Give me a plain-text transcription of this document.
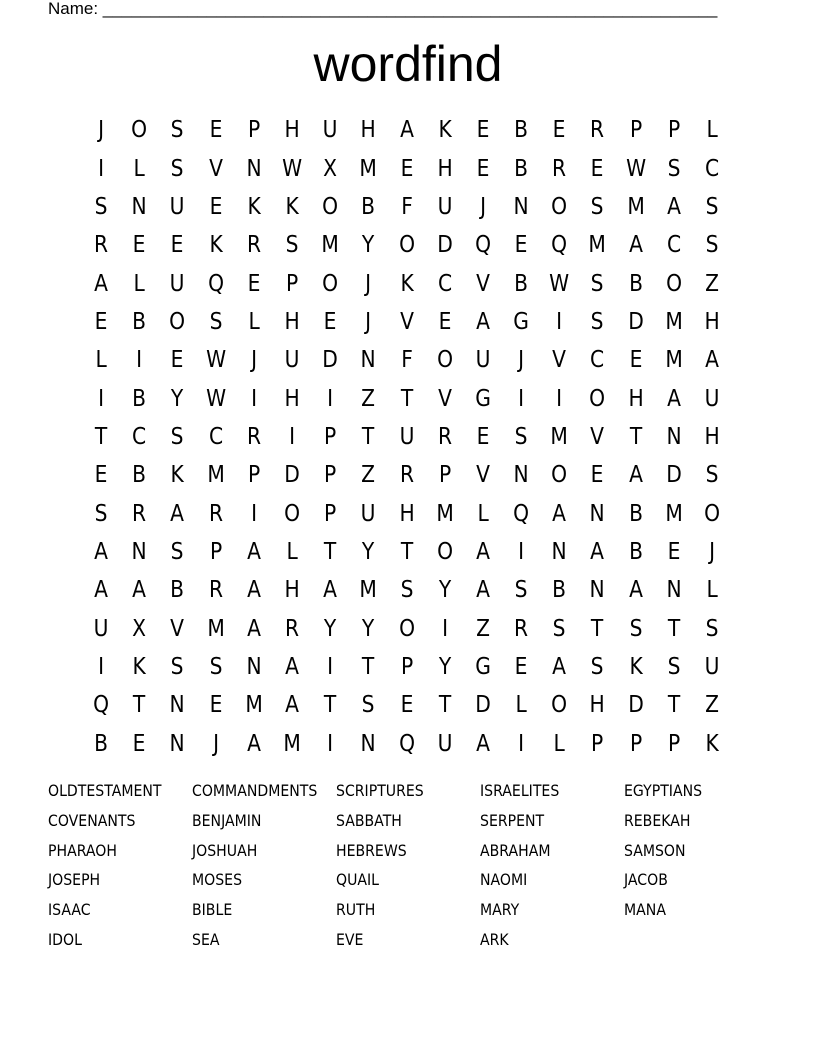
Name: _________________________________________________________________
wordfind
J	O	S	E	P	H	U	H	A	K	E	B	E	R	P	P	L
I	L	S	V	N W X M	E	H	E	B	R	E W S	C
S	N	U	E	K	K	O	B	F	U	J	N O	S	M A	S
R	E	E	K	R	S	M	Y	O D Q	E	Q M A	C	S
A	L	U Q	E	P	O	J	K	C	V	B W S	B	O	Z
E	B	O	S	L	H	E	J	V	E	A	G	I	S	D M H
L	I	E W	J	U D N	F	O U	J	V	C	E	M A
I	B	Y W	I	H	I	Z	T	V	G	I	I	O H	A	U
T	C	S	C	R	I	P	T	U	R	E	S	M V	T	N H
E	B	K M	P	D	P	Z	R	P	V	N O	E	A	D	S
S	R	A	R	I	O	P	U	H M	L	Q	A	N	B M O
A	N	S	P	A	L	T	Y	T	O	A	I	N	A	B	E	J
A	A	B	R	A	H	A M	S	Y	A	S	B	N	A	N	L
U	X	V M A	R	Y	Y	O	I	Z	R	S	T	S	T	S
I	K	S	S	N	A	I	T	P	Y	G	E	A	S	K	S	U
Q	T	N	E	M A	T	S	E	T	D	L	O H D	T	Z
B	E	N	J	A M	I	N Q U	A	I	L	P	P	P	K
OLDTESTAMENT	COMMANDMENTS SCRIPTURES	ISRAELITES	EGYPTIANS
COVENANTS	BENJAMIN	SABBATH	SERPENT	REBEKAH
PHARAOH	JOSHUAH	HEBREWS	ABRAHAM	SAMSON
JOSEPH	MOSES	QUAIL	NAOMI	JACOB
ISAAC	BIBLE	RUTH	MARY	MANA
IDOL	SEA	EVE	ARK
